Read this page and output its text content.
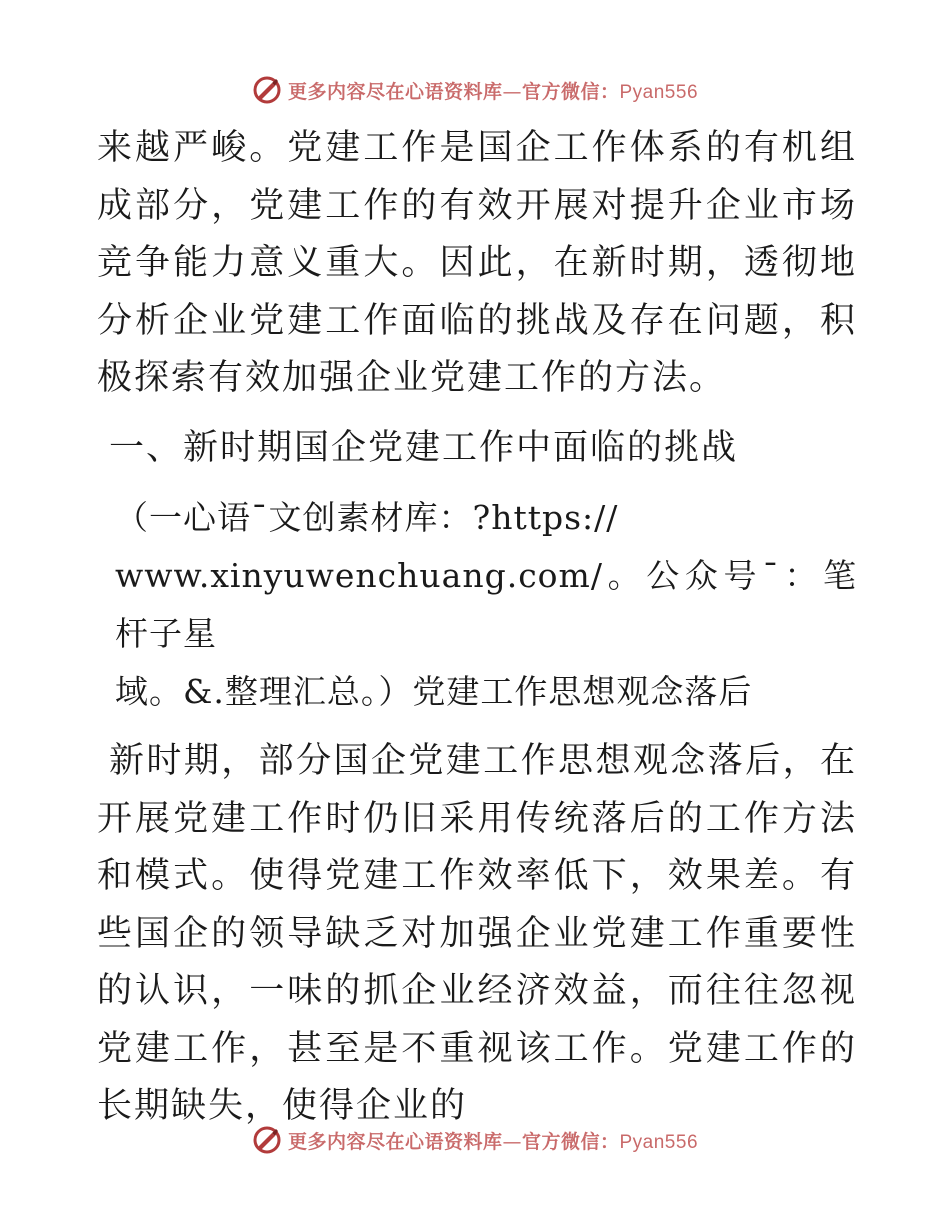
更多内容尽在心语资料库—官方微信：Pyan556

来越严峻。党建工作是国企工作体系的有机组成部分，党建工作的有效开展对提升企业市场竞争能力意义重大。因此，在新时期，透彻地分析企业党建工作面临的挑战及存在问题，积极探索有效加强企业党建工作的方法。

一、新时期国企党建工作中面临的挑战

（一心语¯文创素材库：?https://
www.xinyuwenchuang.com/。公众号¯：笔杆子星
域。&.整理汇总。）党建工作思想观念落后

新时期，部分国企党建工作思想观念落后，在开展党建工作时仍旧采用传统落后的工作方法和模式。使得党建工作效率低下，效果差。有些国企的领导缺乏对加强企业党建工作重要性的认识，一味的抓企业经济效益，而往往忽视党建工作，甚至是不重视该工作。党建工作的长期缺失，使得企业的

更多内容尽在心语资料库—官方微信：Pyan556
